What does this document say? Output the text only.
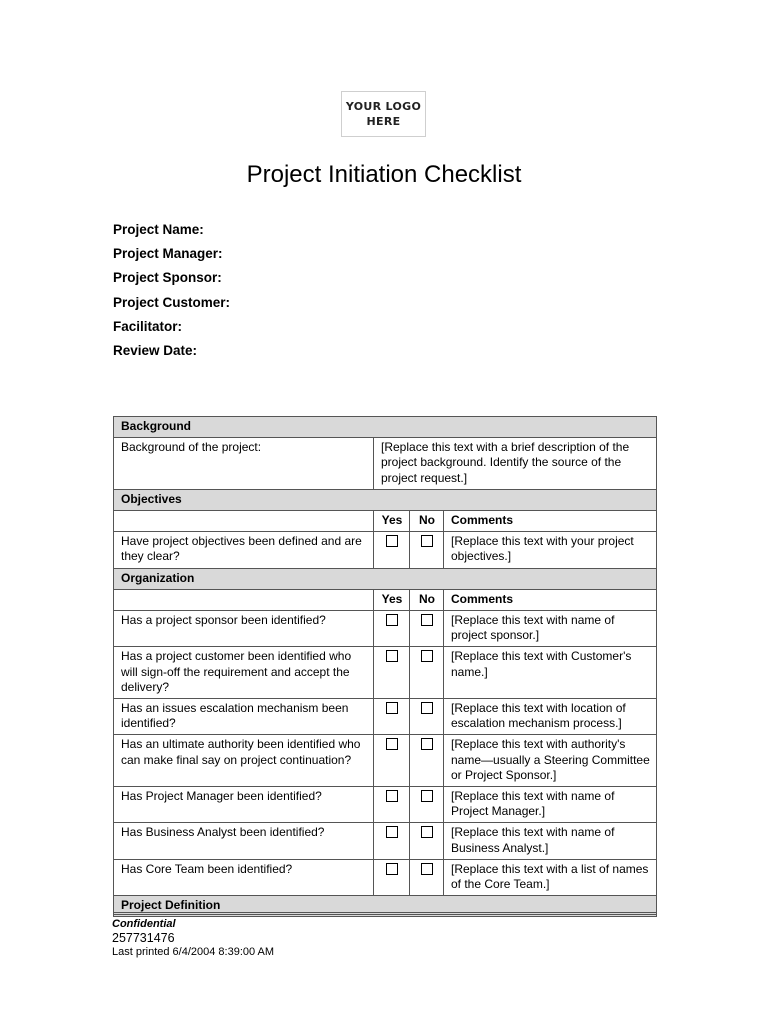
YOUR LOGO
HERE
Project Initiation Checklist
Project Name:
Project Manager:
Project Sponsor:
Project Customer:
Facilitator:
Review Date:
Background			
Background of the project:	[Replace this text with a brief description of the project background. Identify the source of the project request.]		
Objectives			
	Yes	No	Comments
Have project objectives been defined and are they clear?			[Replace this text with your project objectives.]
Organization			
	Yes	No	Comments
Has a project sponsor been identified?			[Replace this text with name of project sponsor.]
Has a project customer been identified who will sign-off the requirement and accept the delivery?			[Replace this text with Customer's name.]
Has an issues escalation mechanism been identified?			[Replace this text with location of escalation mechanism process.]
Has an ultimate authority been identified who can make final say on project continuation?			[Replace this text with authority's name—usually a Steering Committee or Project Sponsor.]
Has Project Manager been identified?			[Replace this text with name of Project Manager.]
Has Business Analyst been identified?			[Replace this text with name of Business Analyst.]
Has Core Team been identified?			[Replace this text with a list of names of the Core Team.]
Project Definition			
Confidential
257731476
Last printed 6/4/2004 8:39:00 AM
